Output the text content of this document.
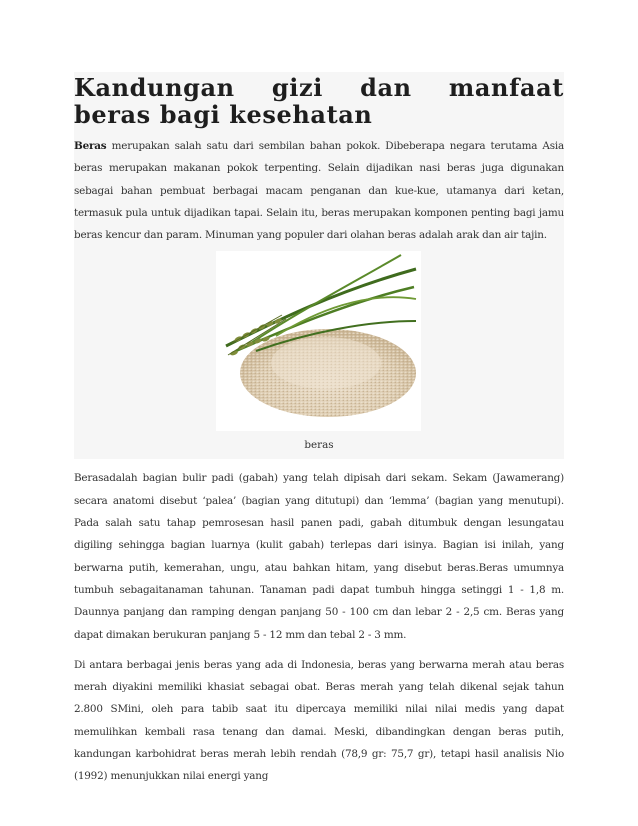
Kandungan gizi dan manfaat beras bagi kesehatan

Beras merupakan salah satu dari sembilan bahan pokok. Dibeberapa negara terutama Asia beras merupakan makanan pokok terpenting. Selain dijadikan nasi beras juga digunakan sebagai bahan pembuat berbagai macam penganan dan kue-kue, utamanya dari ketan, termasuk pula untuk dijadikan tapai. Selain itu, beras merupakan komponen penting bagi jamu beras kencur dan param. Minuman yang populer dari olahan beras adalah arak dan air tajin.

beras

Berasadalah bagian bulir padi (gabah) yang telah dipisah dari sekam. Sekam (Jawamerang) secara anatomi disebut ‘palea’ (bagian yang ditutupi) dan ‘lemma’ (bagian yang menutupi). Pada salah satu tahap pemrosesan hasil panen padi, gabah ditumbuk dengan lesungatau digiling sehingga bagian luarnya (kulit gabah) terlepas dari isinya. Bagian isi inilah, yang berwarna putih, kemerahan, ungu, atau bahkan hitam, yang disebut beras.Beras umumnya tumbuh sebagaitanaman tahunan. Tanaman padi dapat tumbuh hingga setinggi 1 - 1,8 m. Daunnya panjang dan ramping dengan panjang 50 - 100 cm dan lebar 2 - 2,5 cm. Beras yang dapat dimakan berukuran panjang 5 - 12 mm dan tebal 2 - 3 mm.

Di antara berbagai jenis beras yang ada di Indonesia, beras yang berwarna merah atau beras merah diyakini memiliki khasiat sebagai obat. Beras merah yang telah dikenal sejak tahun 2.800 SMini, oleh para tabib saat itu dipercaya memiliki nilai nilai medis yang dapat memulihkan kembali rasa tenang dan damai. Meski, dibandingkan dengan beras putih, kandungan karbohidrat beras merah lebih rendah (78,9 gr: 75,7 gr), tetapi hasil analisis Nio (1992) menunjukkan nilai energi yang
